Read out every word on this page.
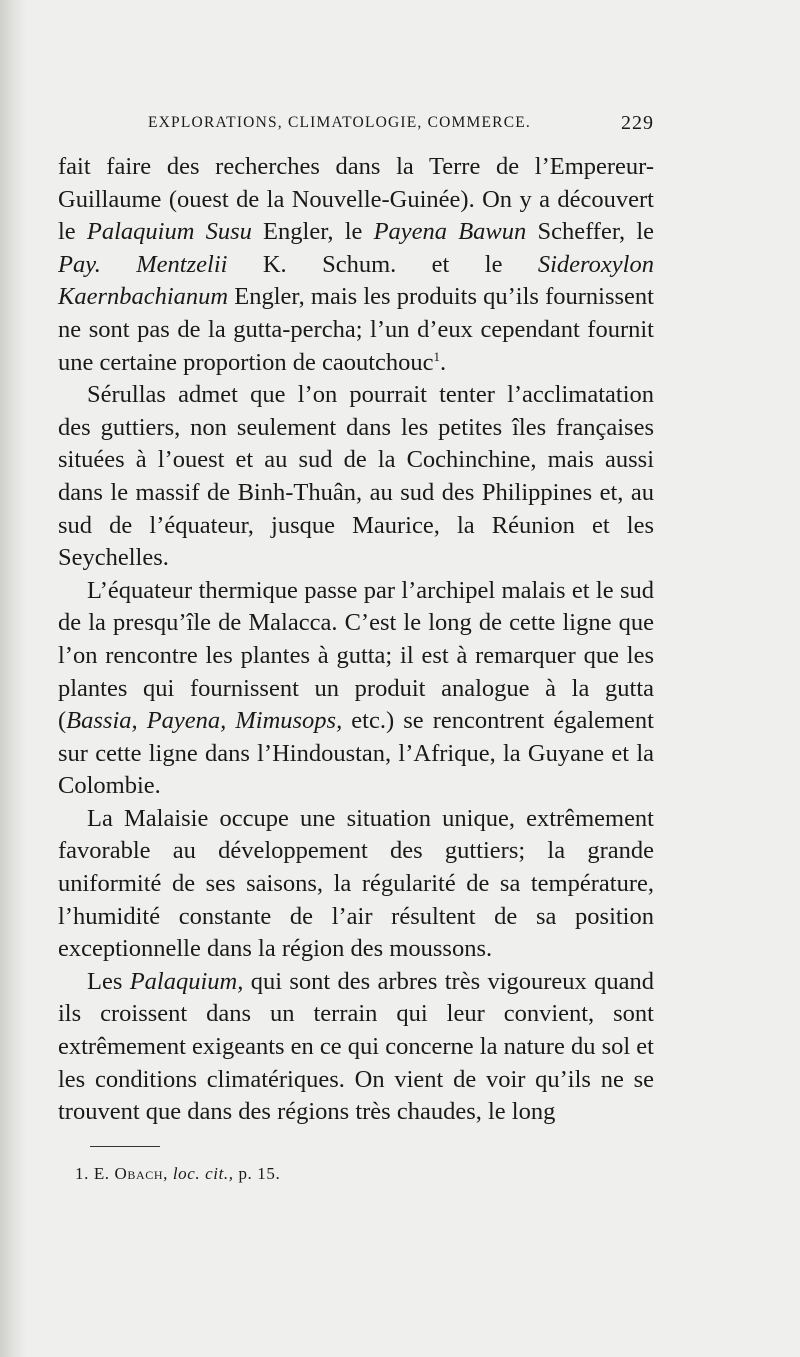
EXPLORATIONS, CLIMATOLOGIE, COMMERCE.	229

fait faire des recherches dans la Terre de l’Empereur-Guillaume (ouest de la Nouvelle-Guinée). On y a découvert le Palaquium Susu Engler, le Payena Bawun Scheffer, le Pay. Mentzelii K. Schum. et le Sideroxylon Kaernbachianum Engler, mais les produits qu’ils fournissent ne sont pas de la gutta-percha; l’un d’eux cependant fournit une certaine proportion de caoutchouc$^1$.

Sérullas admet que l’on pourrait tenter l’acclimatation des guttiers, non seulement dans les petites îles françaises situées à l’ouest et au sud de la Cochinchine, mais aussi dans le massif de Binh-Thuân, au sud des Philippines et, au sud de l’équateur, jusque Maurice, la Réunion et les Seychelles.

L’équateur thermique passe par l’archipel malais et le sud de la presqu’île de Malacca. C’est le long de cette ligne que l’on rencontre les plantes à gutta; il est à remarquer que les plantes qui fournissent un produit analogue à la gutta (Bassia, Payena, Mimusops, etc.) se rencontrent également sur cette ligne dans l’Hindoustan, l’Afrique, la Guyane et la Colombie.

La Malaisie occupe une situation unique, extrêmement favorable au développement des guttiers; la grande uniformité de ses saisons, la régularité de sa température, l’humidité constante de l’air résultent de sa position exceptionnelle dans la région des moussons.

Les Palaquium, qui sont des arbres très vigoureux quand ils croissent dans un terrain qui leur convient, sont extrêmement exigeants en ce qui concerne la nature du sol et les conditions climatériques. On vient de voir qu’ils ne se trouvent que dans des régions très chaudes, le long

1. E. Obach, loc. cit., p. 15.
